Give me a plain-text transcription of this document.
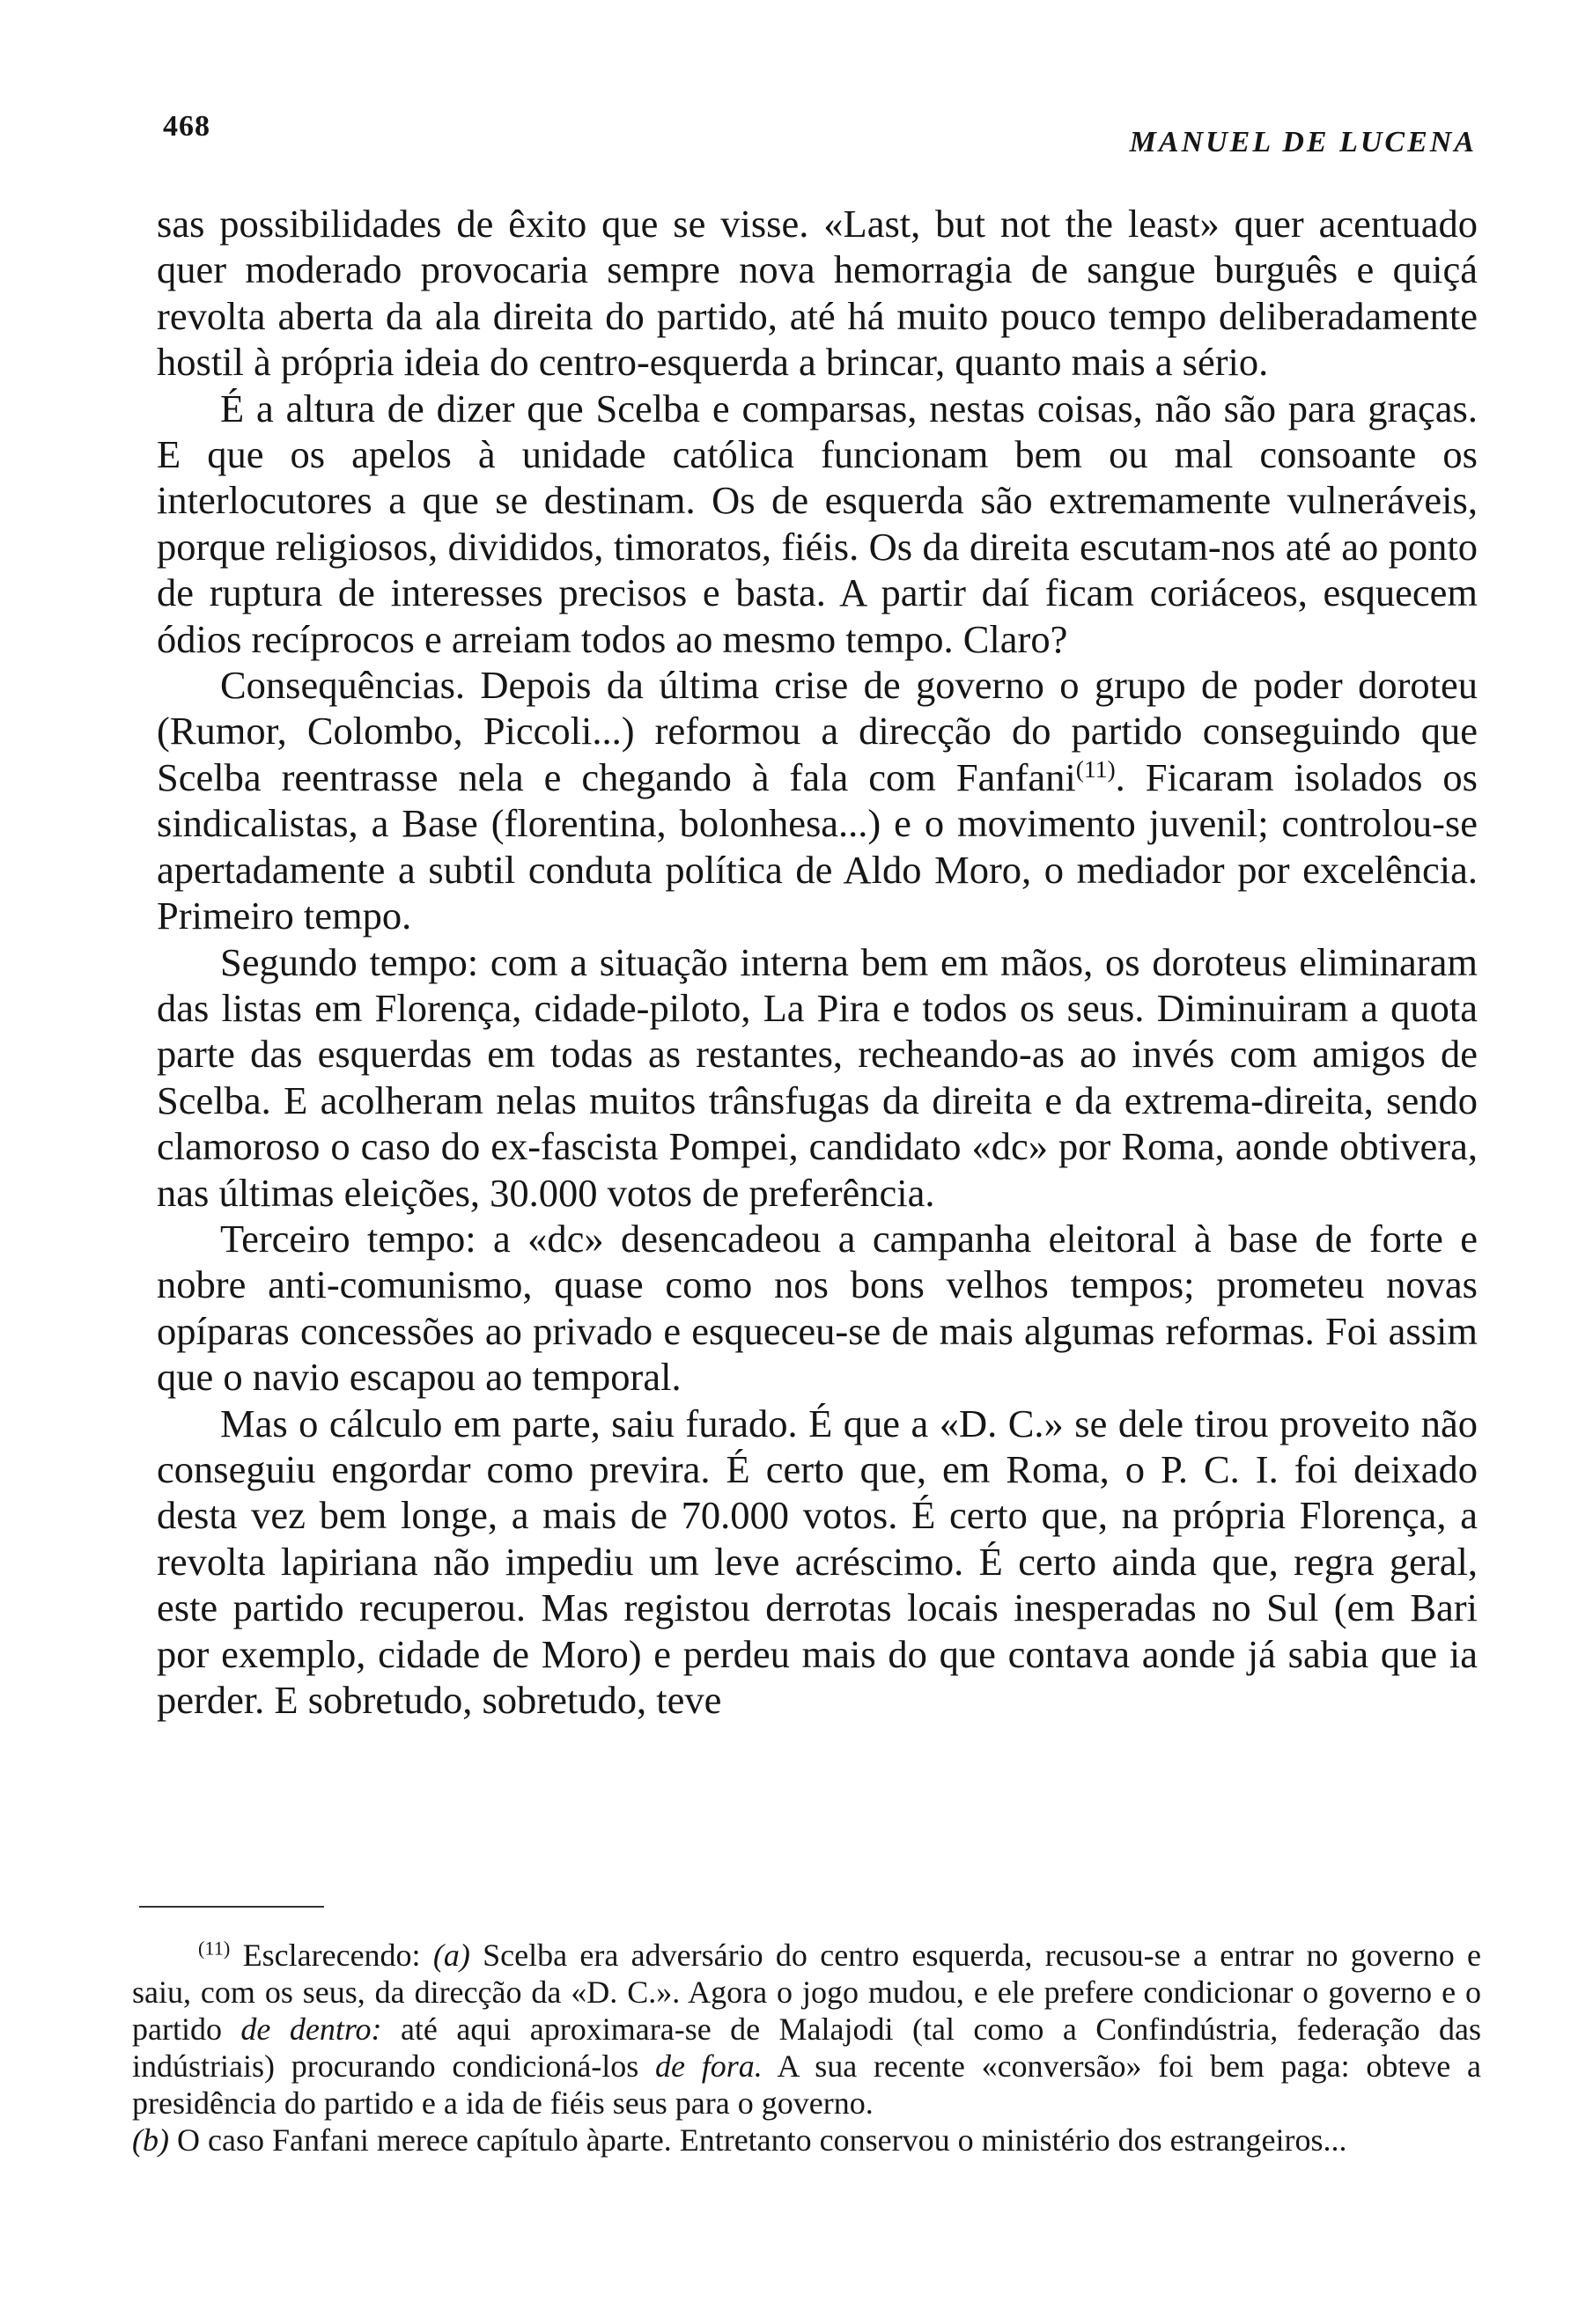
468	MANUEL DE LUCENA

sas possibilidades de êxito que se visse. «Last, but not the least» quer acentuado quer moderado provocaria sempre nova hemorragia de sangue burguês e quiçá revolta aberta da ala direita do partido, até há muito pouco tempo deliberadamente hostil à própria ideia do centro-esquerda a brincar, quanto mais a sério.

É a altura de dizer que Scelba e comparsas, nestas coisas, não são para graças. E que os apelos à unidade católica funcionam bem ou mal consoante os interlocutores a que se destinam. Os de esquerda são extremamente vulneráveis, porque religiosos, divididos, timoratos, fiéis. Os da direita escutam-nos até ao ponto de ruptura de interesses precisos e basta. A partir daí ficam coriáceos, esquecem ódios recíprocos e arreiam todos ao mesmo tempo. Claro?

Consequências. Depois da última crise de governo o grupo de poder doroteu (Rumor, Colombo, Piccoli...) reformou a direcção do partido conseguindo que Scelba reentrasse nela e chegando à fala com Fanfani$^{(11)}$. Ficaram isolados os sindicalistas, a Base (florentina, bolonhesa...) e o movimento juvenil; controlou-se apertadamente a subtil conduta política de Aldo Moro, o mediador por excelência. Primeiro tempo.

Segundo tempo: com a situação interna bem em mãos, os doroteus eliminaram das listas em Florença, cidade-piloto, La Pira e todos os seus. Diminuiram a quota parte das esquerdas em todas as restantes, recheando-as ao invés com amigos de Scelba. E acolheram nelas muitos trânsfugas da direita e da extrema-direita, sendo clamoroso o caso do ex-fascista Pompei, candidato «dc» por Roma, aonde obtivera, nas últimas eleições, 30.000 votos de preferência.

Terceiro tempo: a «dc» desencadeou a campanha eleitoral à base de forte e nobre anti-comunismo, quase como nos bons velhos tempos; prometeu novas opíparas concessões ao privado e esqueceu-se de mais algumas reformas. Foi assim que o navio escapou ao temporal.

Mas o cálculo em parte, saiu furado. É que a «D. C.» se dele tirou proveito não conseguiu engordar como previra. É certo que, em Roma, o P. C. I. foi deixado desta vez bem longe, a mais de 70.000 votos. É certo que, na própria Florença, a revolta lapiriana não impediu um leve acréscimo. É certo ainda que, regra geral, este partido recuperou. Mas registou derrotas locais inesperadas no Sul (em Bari por exemplo, cidade de Moro) e perdeu mais do que contava aonde já sabia que ia perder. E sobretudo, sobretudo, teve

$^{(11)}$ Esclarecendo: (a) Scelba era adversário do centro esquerda, recusou-se a entrar no governo e saiu, com os seus, da direcção da «D. C.». Agora o jogo mudou, e ele prefere condicionar o governo e o partido de dentro: até aqui aproximara-se de Malajodi (tal como a Confindústria, federação das indústriais) procurando condicioná-los de fora. A sua recente «conversão» foi bem paga: obteve a presidência do partido e a ida de fiéis seus para o governo.

(b) O caso Fanfani merece capítulo àparte. Entretanto conservou o ministério dos estrangeiros...
